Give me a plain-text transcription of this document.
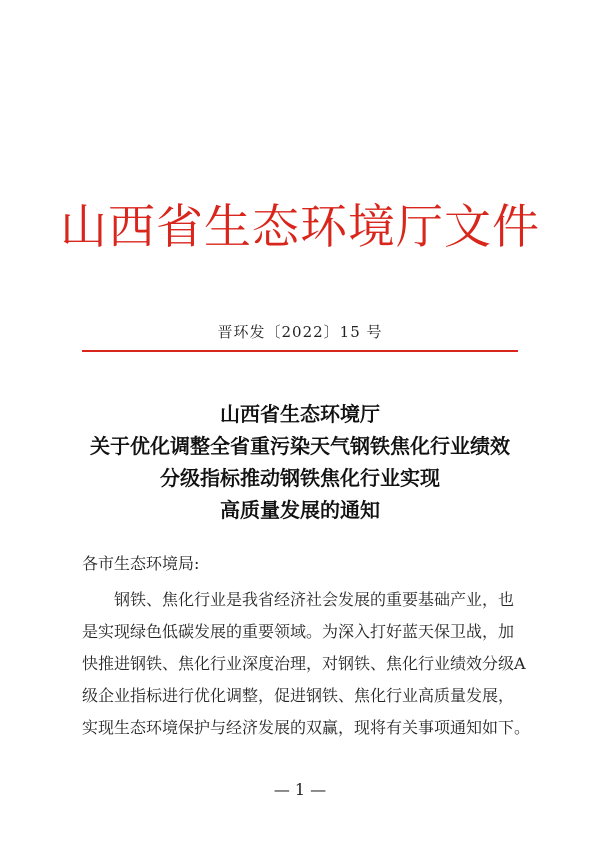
山西省生态环境厅文件
晋环发〔2022〕15 号
山西省生态环境厅
关于优化调整全省重污染天气钢铁焦化行业绩效
分级指标推动钢铁焦化行业实现
高质量发展的通知
各市生态环境局:
　　钢铁、焦化行业是我省经济社会发展的重要基础产业，也
是实现绿色低碳发展的重要领域。为深入打好蓝天保卫战，加
快推进钢铁、焦化行业深度治理，对钢铁、焦化行业绩效分级A
级企业指标进行优化调整，促进钢铁、焦化行业高质量发展，
实现生态环境保护与经济发展的双赢，现将有关事项通知如下。
— 1 —
